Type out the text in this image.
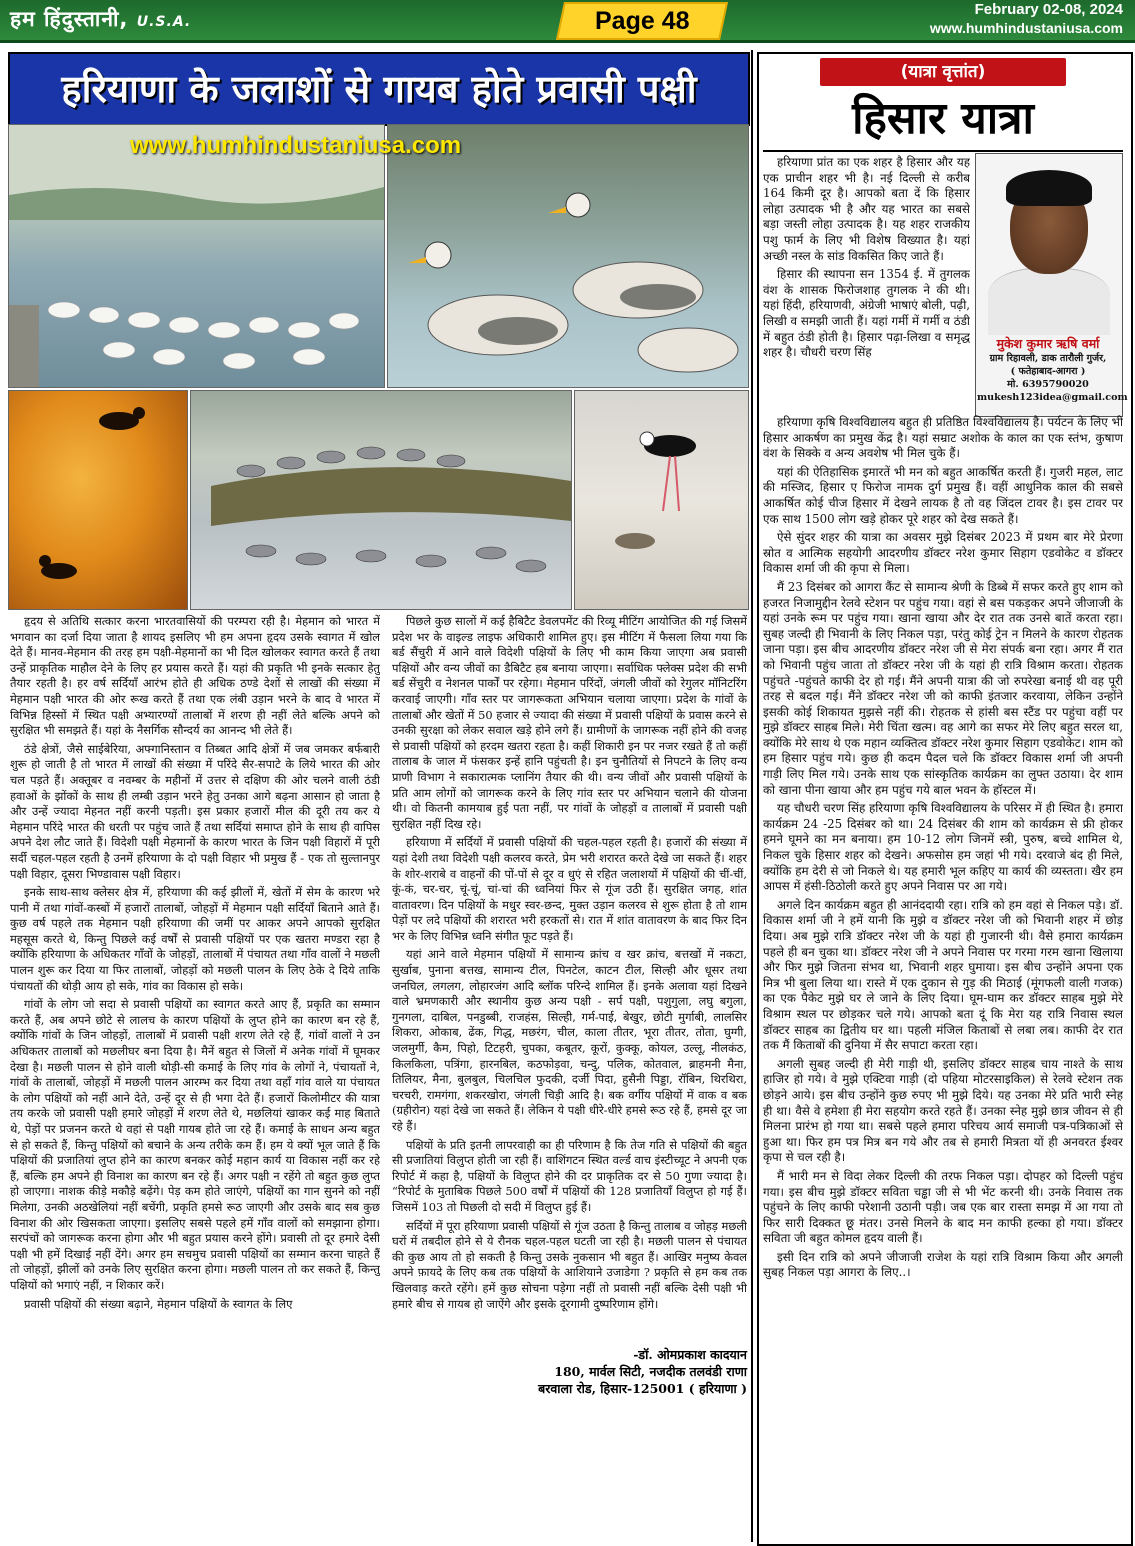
हम हिंदुस्तानी, U.S.A.	Page 48	February 02-08, 2024
www.humhindustaniusa.com
हरियाणा के जलाशों से गायब होते प्रवासी पक्षी
www.humhindustaniusa.com

हृदय से अतिथि सत्कार करना भारतवासियों की परम्परा रही है। मेहमान को भारत में भगवान का दर्जा दिया जाता है शायद इसलिए भी हम अपना हृदय उसके स्वागत में खोल देते हैं। मानव-मेहमान की तरह हम पक्षी-मेहमानों का भी दिल खोलकर स्वागत करते हैं तथा उन्हें प्राकृतिक माहौल देने के लिए हर प्रयास करते हैं। यहां की प्रकृति भी इनके सत्कार हेतु तैयार रहती है। हर वर्ष सर्दियाँ आरंभ होते ही अधिक ठण्डे देशों से लाखों की संख्या में मेहमान पक्षी भारत की ओर रूख करते हैं तथा एक लंबी उड़ान भरने के बाद वे भारत में विभिन्न हिस्सों में स्थित पक्षी अभ्यारण्यों तालाबों में शरण ही नहीं लेते बल्कि अपने को सुरक्षित भी समझते हैं। यहां के नैसर्गिक सौन्दर्य का आनन्द भी लेते हैं।

ठंडे क्षेत्रों, जैसे साईबेरिया, अफ्गानिस्तान व तिब्बत आदि क्षेत्रों में जब जमकर बर्फबारी शुरू हो जाती है तो भारत में लाखों की संख्या में परिंदे सैर-सपाटे के लिये भारत की ओर चल पड़ते हैं। अक्तूबर व नवम्बर के महीनों में उत्तर से दक्षिण की ओर चलने वाली ठंडी हवाओं के झोंकों के साथ ही लम्बी उड़ान भरने हेतु उनका आगे बढ़ना आसान हो जाता है और उन्हें ज्यादा मेहनत नहीं करनी पड़ती। इस प्रकार हजारों मील की दूरी तय कर ये मेहमान परिंदे भारत की धरती पर पहुंच जाते हैं तथा सर्दियां समाप्त होने के साथ ही वापिस अपने देश लौट जाते हैं। विदेशी पक्षी मेहमानों के कारण भारत के जिन पक्षी विहारों में पूरी सर्दी चहल-पहल रहती है उनमें हरियाणा के दो पक्षी विहार भी प्रमुख हैं - एक तो सुल्तानपुर पक्षी विहार, दूसरा भिण्डावास पक्षी विहार।

इनके साथ-साथ क्लेसर क्षेत्र में, हरियाणा की कई झीलों में, खेतों में सेम के कारण भरे पानी में तथा गांवों-कस्बों में हजारों तालाबों, जोहड़ों में मेहमान पक्षी सर्दियाँ बिताने आते हैं। कुछ वर्ष पहले तक मेहमान पक्षी हरियाणा की जमीं पर आकर अपने आपको सुरक्षित महसूस करते थे, किन्तु पिछले कई वर्षों से प्रवासी पक्षियों पर एक खतरा मण्डरा रहा है क्योंकि हरियाणा के अधिकतर गाँवों के जोहड़ों, तालाबों में पंचायत तथा गाँव वालों ने मछली पालन शुरू कर दिया या फिर तालाबों, जोहड़ों को मछली पालन के लिए ठेके दे दिये ताकि पंचायतों की थोड़ी आय हो सके, गांव का विकास हो सके।

गांवों के लोग जो सदा से प्रवासी पक्षियों का स्वागत करते आए हैं, प्रकृति का सम्मान करते हैं, अब अपने छोटे से लालच के कारण पक्षियों के लुप्त होने का कारण बन रहे हैं, क्योंकि गांवों के जिन जोहड़ों, तालाबों में प्रवासी पक्षी शरण लेते रहे हैं, गांवों वालों ने उन अधिकतर तालाबों को मछलीघर बना दिया है। मैनें बहुत से जिलों में अनेक गांवों में घूमकर देखा है। मछली पालन से होने वाली थोड़ी-सी कमाई के लिए गांव के लोगों ने, पंचायतों ने, गांवों के तालाबों, जोहड़ों में मछली पालन आरम्भ कर दिया तथा वहाँ गांव वाले या पंचायत के लोग पक्षियों को नहीं आने देते, उन्हें दूर से ही भगा देते हैं। हजारों किलोमीटर की यात्रा तय करके जो प्रवासी पक्षी हमारे जोहड़ों में शरण लेते थे, मछलियां खाकर कई माह बिताते थे, पेड़ों पर प्रजनन करते थे वहां से पक्षी गायब होते जा रहे हैं। कमाई के साधन अन्य बहुत से हो सकते हैं, किन्तु पक्षियों को बचाने के अन्य तरीके कम हैं। हम ये क्यों भूल जाते हैं कि पक्षियों की प्रजातियां लुप्त होने का कारण बनकर कोई महान कार्य या विकास नहीं कर रहे हैं, बल्कि हम अपने ही विनाश का कारण बन रहे हैं। अगर पक्षी न रहेंगे तो बहुत कुछ लुप्त हो जाएगा। नाशक कीड़े मकौड़े बढ़ेंगे। पेड़ कम होते जाएंगे, पक्षियों का गान सुनने को नहीं मिलेगा, उनकी अठखेलियां नहीं बचेंगी, प्रकृति हमसे रूठ जाएगी और उसके बाद सब कुछ विनाश की ओर खिसकता जाएगा। इसलिए सबसे पहले हमें गाँव वालों को समझाना होगा। सरपंचों को जागरूक करना होगा और भी बहुत प्रयास करने होंगे। प्रवासी तो दूर हमारे देसी पक्षी भी हमें दिखाई नहीं देंगे। अगर हम सचमुच प्रवासी पक्षियों का सम्मान करना चाहते हैं तो जोहड़ों, झीलों को उनके लिए सुरक्षित करना होगा। मछली पालन तो कर सकते हैं, किन्तु पक्षियों को भगाएं नहीं, न शिकार करें।

प्रवासी पक्षियों की संख्या बढ़ाने, मेहमान पक्षियों के स्वागत के लिए

पिछले कुछ सालों में कई हैबिटैट डेवलपमेंट की रिव्यू मीटिंग आयोजित की गई जिसमें प्रदेश भर के वाइल्ड लाइफ अधिकारी शामिल हुए। इस मीटिंग में फैसला लिया गया कि बर्ड सैंचुरी में आने वाले विदेशी पक्षियों के लिए भी काम किया जाएगा अब प्रवासी पक्षियों और वन्य जीवों का डैबिटैट हब बनाया जाएगा। सर्वाधिक फ्लेक्स प्रदेश की सभी बर्ड सेंचुरी व नेशनल पार्कों पर रहेगा। मेहमान परिंदों, जंगली जीवों को रेगुलर मॉनिटरिंग करवाई जाएगी। गाँव स्तर पर जागरूकता अभियान चलाया जाएगा। प्रदेश के गांवों के तालाबों और खेतों में 50 हजार से ज्यादा की संख्या में प्रवासी पक्षियों के प्रवास करने से उनकी सुरक्षा को लेकर सवाल खड़े होने लगे हैं। ग्रामीणों के जागरूक नहीं होने की वजह से प्रवासी पक्षियों को हरदम खतरा रहता है। कहीं शिकारी इन पर नजर रखते हैं तो कहीं तालाब के जाल में फंसकर इन्हें हानि पहुंचती है। इन चुनौतियों से निपटने के लिए वन्य प्राणी विभाग ने सकारात्मक प्लानिंग तैयार की थी। वन्य जीवों और प्रवासी पक्षियों के प्रति आम लोगों को जागरूक करने के लिए गांव स्तर पर अभियान चलाने की योजना थी। वो कितनी कामयाब हुई पता नहीं, पर गांवों के जोहड़ों व तालाबों में प्रवासी पक्षी सुरक्षित नहीं दिख रहे।

हरियाणा में सर्दियों में प्रवासी पक्षियों की चहल-पहल रहती है। हजारों की संख्या में यहां देशी तथा विदेशी पक्षी कलरव करते, प्रेम भरी शरारत करते देखे जा सकते हैं। शहर के शोर-शराबे व वाहनों की पों-पों से दूर व धुएं से रहित जलाशयों में पक्षियों की चीं-चीं, कूं-कं, चर-चर, चूं-चूं, चां-चां की ध्वनियां फिर से गूंज उठी हैं। सुरक्षित जगह, शांत वातावरण। दिन पक्षियों के मधुर स्वर-छन्द, मुक्त उड़ान कलरव से शुरू होता है तो शाम पेड़ों पर लदे पक्षियों की शरारत भरी हरकतों से। रात में शांत वातावरण के बाद फिर दिन भर के लिए विभिन्न ध्वनि संगीत फूट पड़ते हैं।

यहां आने वाले मेहमान पक्षियों में सामान्य क्रांच व खर क्रांच, बत्तखों में नकटा, सुर्खाब, पुनाना बत्तख, सामान्य टील, पिनटेल, काटन टील, सिल्ही और धूसर तथा जनघिल, लगलग, लोहारजंग आदि ब्लॉक परिन्दे शामिल हैं। इनके अलावा यहां दिखने वाले भ्रमणकारी और स्थानीय कुछ अन्य पक्षी - सर्प पक्षी, पशुगुला, लघु बगुला, गुनगला, दाबिल, पनडुब्बी, राजहंस, सिल्ही, गर्म-पाई, बेखुर, छोटी मुर्गाबी, लालसिर शिकरा, ओकाब, ढेंक, गिद्ध, मछरंग, चील, काला तीतर, भूरा तीतर, तोता, घुग्गी, जलमुर्गी, कैम, पिहो, टिटहरी, चुपका, कबूतर, कूरों, कुक्कू, कोयल, उल्लू, नीलकंठ, किलकिला, पत्रिंगा, हारनबिल, कठफोड़वा, चन्दु, पलिक, कोतवाल, ब्राहमनी मैना, तिलियर, मैना, बुलबुल, चिलचिल फुदकी, दर्जी पिदा, हुसैनी पिड्डा, रॉबिन, थिरथिरा, चरचरी, रामगंगा, शकरखोरा, जंगली चिड़ी आदि है। बक वर्गीय पक्षियों में वाक व बक (ग्रहीरोन) यहां देखे जा सकते हैं। लेकिन ये पक्षी धीरे-धीरे हमसे रूठ रहे हैं, हमसे दूर जा रहे हैं।

पक्षियों के प्रति इतनी लापरवाही का ही परिणाम है कि तेज गति से पक्षियों की बहुत सी प्रजातियां विलुप्त होती जा रही हैं। वाशिंगटन स्थित वर्ल्ड वाच इंस्टीच्यूट ने अपनी एक रिपोर्ट में कहा है, पक्षियों के विलुप्त होने की दर प्राकृतिक दर से 50 गुणा ज्यादा है। “रिपोर्ट के मुताबिक पिछले 500 वर्षों में पक्षियों की 128 प्रजातियाँ विलुप्त हो गई हैं। जिसमें 103 तो पिछली दो सदी में विलुप्त हुई हैं।

सर्दियों में पूरा हरियाणा प्रवासी पक्षियों से गूंज उठता है किन्तु तालाब व जोहड़ मछली घरों में तबदील होने से ये रौनक चहल-पहल घटती जा रही है। मछली पालन से पंचायत की कुछ आय तो हो सकती है किन्तु उसके नुकसान भी बहुत हैं। आखिर मनुष्य केवल अपने फ़ायदे के लिए कब तक पक्षियों के आशियाने उजाडेगा ? प्रकृति से हम कब तक खिलवाड़ करते रहेंगे। हमें कुछ सोचना पड़ेगा नहीं तो प्रवासी नहीं बल्कि देसी पक्षी भी हमारे बीच से गायब हो जाऐंगे और इसके दूरगामी दुष्परिणाम होंगे।

-डॉ. ओमप्रकाश कादयान
180, मार्वल सिटी, नजदीक तलवंडी राणा
बरवाला रोड, हिसार-125001 ( हरियाणा )
(यात्रा वृत्तांत)
हिसार यात्रा
मुकेश कुमार ऋषि वर्मा
ग्राम रिहावली, डाक तारौली गुर्जर,
( फतेहाबाद-आगरा )
मो. 6395790020
mukesh123idea@gmail.com

हरियाणा प्रांत का एक शहर है हिसार और यह एक प्राचीन शहर भी है। नई दिल्ली से करीब 164 किमी दूर है। आपको बता दें कि हिसार लोहा उत्पादक भी है और यह भारत का सबसे बड़ा जस्ती लोहा उत्पादक है। यह शहर राजकीय पशु फार्म के लिए भी विशेष विख्यात है। यहां अच्छी नस्ल के सांड विकसित किए जाते हैं।

हिसार की स्थापना सन 1354 ई. में तुगलक वंश के शासक फिरोजशाह तुगलक ने की थी। यहां हिंदी, हरियाणवी, अंग्रेजी भाषाएं बोली, पढ़ी, लिखी व समझी जाती हैं। यहां गर्मी में गर्मी व ठंडी में बहुत ठंडी होती है। हिसार पढ़ा-लिखा व समृद्ध शहर है। चौधरी चरण सिंह

हरियाणा कृषि विश्वविद्यालय बहुत ही प्रतिष्ठित विश्वविद्यालय है। पर्यटन के लिए भी हिसार आकर्षण का प्रमुख केंद्र है। यहां सम्राट अशोक के काल का एक स्तंभ, कुषाण वंश के सिक्के व अन्य अवशेष भी मिल चुके हैं।

यहां की ऐतिहासिक इमारतें भी मन को बहुत आकर्षित करती हैं। गुजरी महल, लाट की मस्जिद, हिसार ए फिरोज नामक दुर्ग प्रमुख हैं। वहीं आधुनिक काल की सबसे आकर्षित कोई चीज हिसार में देखने लायक है तो वह जिंदल टावर है। इस टावर पर एक साथ 1500 लोग खड़े होकर पूरे शहर को देख सकते हैं।

ऐसे सुंदर शहर की यात्रा का अवसर मुझे दिसंबर 2023 में प्रथम बार मेरे प्रेरणा स्रोत व आत्मिक सहयोगी आदरणीय डॉक्टर नरेश कुमार सिहाग एडवोकेट व डॉक्टर विकास शर्मा जी की कृपा से मिला।

मैं 23 दिसंबर को आगरा कैंट से सामान्य श्रेणी के डिब्बे में सफर करते हुए शाम को हजरत निजामुद्दीन रेलवे स्टेशन पर पहुंच गया। वहां से बस पकड़कर अपने जीजाजी के यहां उनके रूम पर पहुंच गया। खाना खाया और देर रात तक उनसे बातें करता रहा। सुबह जल्दी ही भिवानी के लिए निकल पड़ा, परंतु कोई ट्रेन न मिलने के कारण रोहतक जाना पड़ा। इस बीच आदरणीय डॉक्टर नरेश जी से मेरा संपर्क बना रहा। अगर मैं रात को भिवानी पहुंच जाता तो डॉक्टर नरेश जी के यहां ही रात्रि विश्राम करता। रोहतक पहुंचते -पहुंचते काफी देर हो गई। मैंने अपनी यात्रा की जो रुपरेखा बनाई थी वह पूरी तरह से बदल गई। मैंने डॉक्टर नरेश जी को काफी इंतजार करवाया, लेकिन उन्होंने इसकी कोई शिकायत मुझसे नहीं की। रोहतक से हांसी बस स्टैंड पर पहुंचा वहीं पर मुझे डॉक्टर साहब मिले। मेरी चिंता खत्म। वह आगे का सफर मेरे लिए बहुत सरल था, क्योंकि मेरे साथ थे एक महान व्यक्तित्व डॉक्टर नरेश कुमार सिहाग एडवोकेट। शाम को हम हिसार पहुंच गये। कुछ ही कदम पैदल चले कि डॉक्टर विकास शर्मा जी अपनी गाड़ी लिए मिल गये। उनके साथ एक सांस्कृतिक कार्यक्रम का लुफ्त उठाया। देर शाम को खाना पीना खाया और हम पहुंच गये बाल भवन के हॉस्टल में।

यह चौधरी चरण सिंह हरियाणा कृषि विश्वविद्यालय के परिसर में ही स्थित है। हमारा कार्यक्रम 24 -25 दिसंबर को था। 24 दिसंबर की शाम को कार्यक्रम से फ्री होकर हमने घूमने का मन बनाया। हम 10-12 लोग जिनमें स्त्री, पुरुष, बच्चे शामिल थे, निकल चुके हिसार शहर को देखने। अफसोस हम जहां भी गये। दरवाजे बंद ही मिले, क्योंकि हम देरी से जो निकले थे। यह हमारी भूल कहिए या कार्य की व्यस्तता। खैर हम आपस में हंसी-ठिठोली करते हुए अपने निवास पर आ गये।

अगले दिन कार्यक्रम बहुत ही आनंददायी रहा। रात्रि को हम वहां से निकल पड़े। डॉ. विकास शर्मा जी ने हमें यानी कि मुझे व डॉक्टर नरेश जी को भिवानी शहर में छोड़ दिया। अब मुझे रात्रि डॉक्टर नरेश जी के यहां ही गुजारनी थी। वैसे हमारा कार्यक्रम पहले ही बन चुका था। डॉक्टर नरेश जी ने अपने निवास पर गरमा गरम खाना खिलाया और फिर मुझे जितना संभव था, भिवानी शहर घुमाया। इस बीच उन्होंने अपना एक मित्र भी बुला लिया था। रास्ते में एक दुकान से गुड़ की मिठाई (मूंगफली वाली गजक) का एक पैकेट मुझे घर ले जाने के लिए दिया। घूम-घाम कर डॉक्टर साहब मुझे मेरे विश्राम स्थल पर छोड़कर चले गये। आपको बता दूं कि मेरा यह रात्रि निवास स्थल डॉक्टर साहब का द्वितीय घर था। पहली मंजिल किताबों से लबा लब। काफी देर रात तक मैं किताबों की दुनिया में सैर सपाटा करता रहा।

अगली सुबह जल्दी ही मेरी गाड़ी थी, इसलिए डॉक्टर साहब चाय नाश्ते के साथ हाजिर हो गये। वे मुझे एक्टिवा गाड़ी (दो पहिया मोटरसाइकिल) से रेलवे स्टेशन तक छोड़ने आये। इस बीच उन्होंने कुछ रुपए भी मुझे दिये। यह उनका मेरे प्रति भारी स्नेह ही था। वैसे वे हमेशा ही मेरा सहयोग करते रहते हैं। उनका स्नेह मुझे छात्र जीवन से ही मिलना प्रारंभ हो गया था। सबसे पहले हमारा परिचय आर्य समाजी पत्र-पत्रिकाओं से हुआ था। फिर हम पत्र मित्र बन गये और तब से हमारी मित्रता यों ही अनवरत ईश्वर कृपा से चल रही है।

मैं भारी मन से विदा लेकर दिल्ली की तरफ निकल पड़ा। दोपहर को दिल्ली पहुंच गया। इस बीच मुझे डॉक्टर सविता चड्ढा जी से भी भेंट करनी थी। उनके निवास तक पहुंचने के लिए काफी परेशानी उठानी पड़ी। जब एक बार रास्ता समझ में आ गया तो फिर सारी दिक्कत छू मंतर। उनसे मिलने के बाद मन काफी हल्का हो गया। डॉक्टर सविता जी बहुत कोमल हृदय वाली हैं।

इसी दिन रात्रि को अपने जीजाजी राजेश के यहां रात्रि विश्राम किया और अगली सुबह निकल पड़ा आगरा के लिए..।
